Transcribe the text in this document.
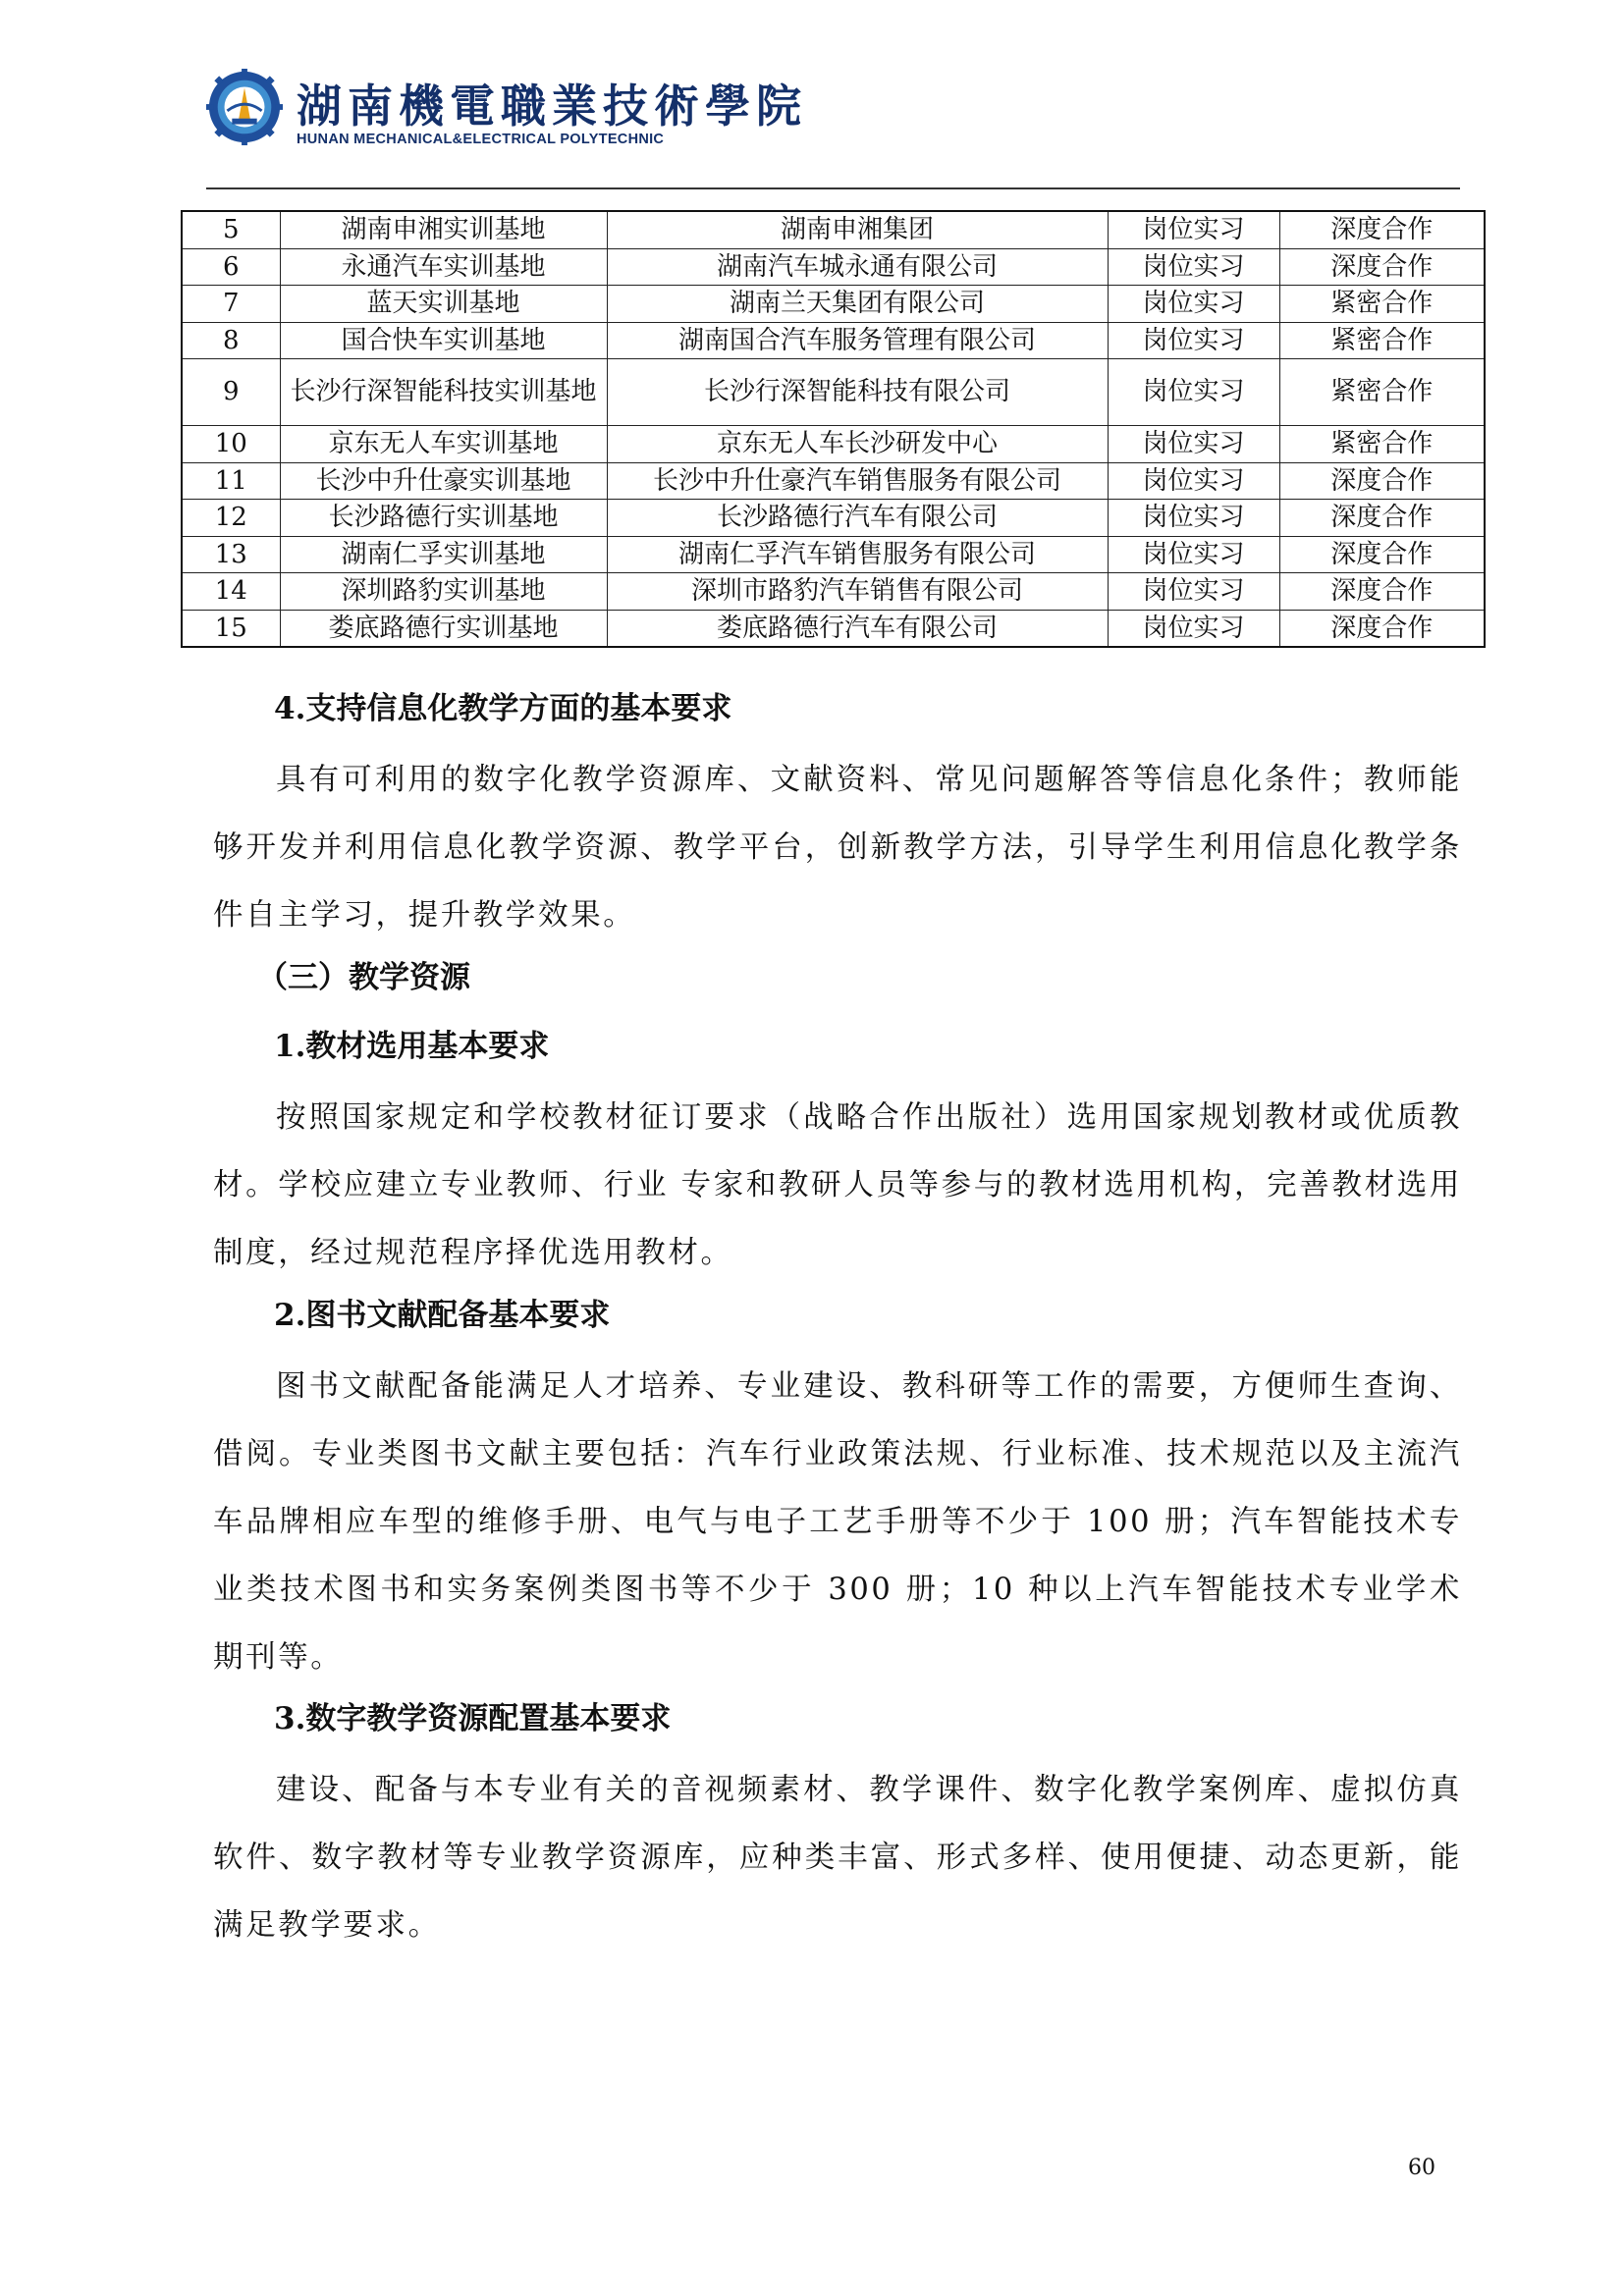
湖南機電職業技術學院
HUNAN MECHANICAL&ELECTRICAL POLYTECHNIC
5	湖南申湘实训基地	湖南申湘集团	岗位实习	深度合作
6	永通汽车实训基地	湖南汽车城永通有限公司	岗位实习	深度合作
7	蓝天实训基地	湖南兰天集团有限公司	岗位实习	紧密合作
8	国合快车实训基地	湖南国合汽车服务管理有限公司	岗位实习	紧密合作
9	长沙行深智能科技实训基地	长沙行深智能科技有限公司	岗位实习	紧密合作
10	京东无人车实训基地	京东无人车长沙研发中心	岗位实习	紧密合作
11	长沙中升仕豪实训基地	长沙中升仕豪汽车销售服务有限公司	岗位实习	深度合作
12	长沙路德行实训基地	长沙路德行汽车有限公司	岗位实习	深度合作
13	湖南仁孚实训基地	湖南仁孚汽车销售服务有限公司	岗位实习	深度合作
14	深圳路豹实训基地	深圳市路豹汽车销售有限公司	岗位实习	深度合作
15	娄底路德行实训基地	娄底路德行汽车有限公司	岗位实习	深度合作
4.支持信息化教学方面的基本要求
具有可利用的数字化教学资源库、文献资料、常见问题解答等信息化条件；教师能够开发并利用信息化教学资源、教学平台，创新教学方法，引导学生利用信息化教学条件自主学习，提升教学效果。
（三）教学资源
1.教材选用基本要求
按照国家规定和学校教材征订要求（战略合作出版社）选用国家规划教材或优质教材。学校应建立专业教师、行业 专家和教研人员等参与的教材选用机构，完善教材选用制度，经过规范程序择优选用教材。
2.图书文献配备基本要求
图书文献配备能满足人才培养、专业建设、教科研等工作的需要，方便师生查询、借阅。专业类图书文献主要包括：汽车行业政策法规、行业标准、技术规范以及主流汽车品牌相应车型的维修手册、电气与电子工艺手册等不少于 100 册；汽车智能技术专业类技术图书和实务案例类图书等不少于 300 册；10 种以上汽车智能技术专业学术期刊等。
3.数字教学资源配置基本要求
建设、配备与本专业有关的音视频素材、教学课件、数字化教学案例库、虚拟仿真软件、数字教材等专业教学资源库，应种类丰富、形式多样、使用便捷、动态更新，能满足教学要求。
60
